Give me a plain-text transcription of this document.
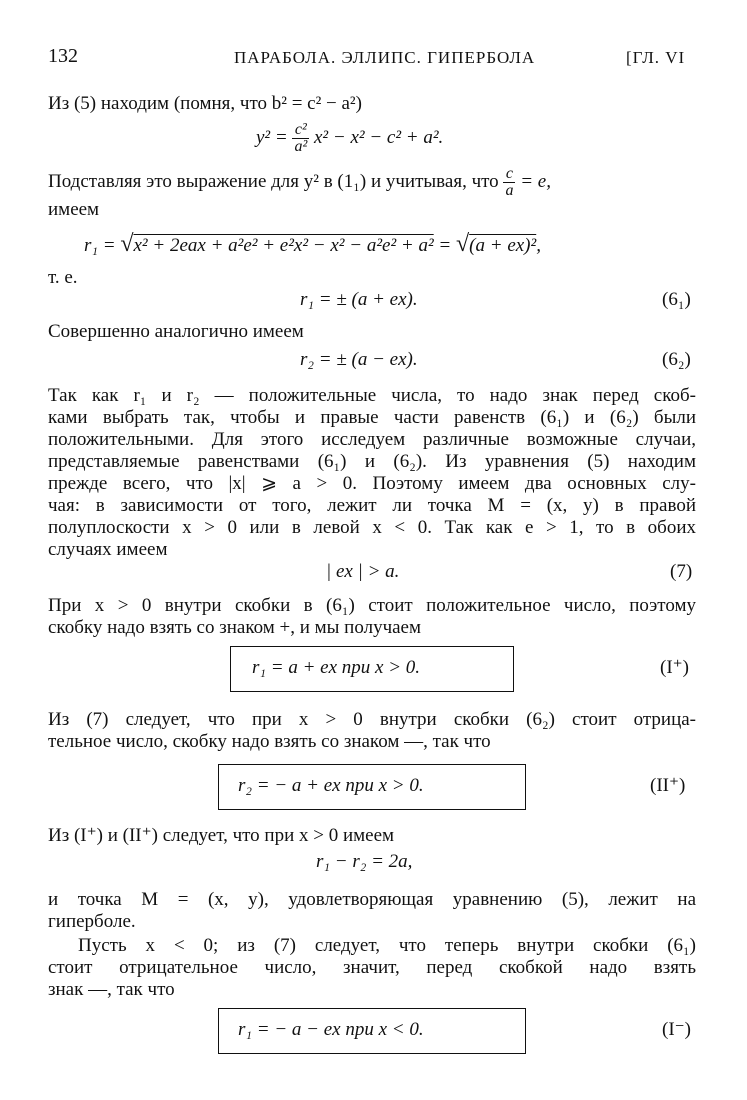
132	ПАРАБОЛА. ЭЛЛИПС. ГИПЕРБОЛА	[ГЛ. VI
Из (5) находим (помня, что b² = c² − a²)
$y^2 = \frac{\text{c²}}{\text{a²}} x^2 - x^2 - c^2 + a^2$.
Подставляя это выражение для y² в (1₁) и учитывая, что $\frac{c}{a} = e$,
имеем
r₁ = √x² + 2eax + a²e² + e²x² − x² − a²e² + a² = √(a + ex)²,
т. е.
r₁ = ± (a + ex).	(6₁)
Совершенно аналогично имеем
r₂ = ± (a − ex).	(6₂)
Так как r₁ и r₂ — положительные числа, то надо знак перед скоб-
ками выбрать так, чтобы и правые части равенств (6₁) и (6₂) были
положительными. Для этого исследуем различные возможные случаи,
представляемые равенствами (6₁) и (6₂). Из уравнения (5) находим
прежде всего, что |x| ⩾ a > 0. Поэтому имеем два основных слу-
чая: в зависимости от того, лежит ли точка M = (x, y) в правой
полуплоскости x > 0 или в левой x < 0. Так как e > 1, то в обоих
случаях имеем
| ex | > a.	(7)
При x > 0 внутри скобки в (6₁) стоит положительное число, поэтому
скобку надо взять со знаком +, и мы получаем
r₁ = a + ex при x > 0.	(I⁺)
Из (7) следует, что при x > 0 внутри скобки (6₂) стоит отрица-
тельное число, скобку надо взять со знаком —, так что
r₂ = − a + ex при x > 0.	(II⁺)
Из (I⁺) и (II⁺) следует, что при x > 0 имеем
r₁ − r₂ = 2a,
и точка M = (x, y), удовлетворяющая уравнению (5), лежит на
гиперболе.
Пусть x < 0; из (7) следует, что теперь внутри скобки (6₁)
стоит отрицательное число, значит, перед скобкой надо взять
знак —, так что
r₁ = − a − ex при x < 0.	(I⁻)
